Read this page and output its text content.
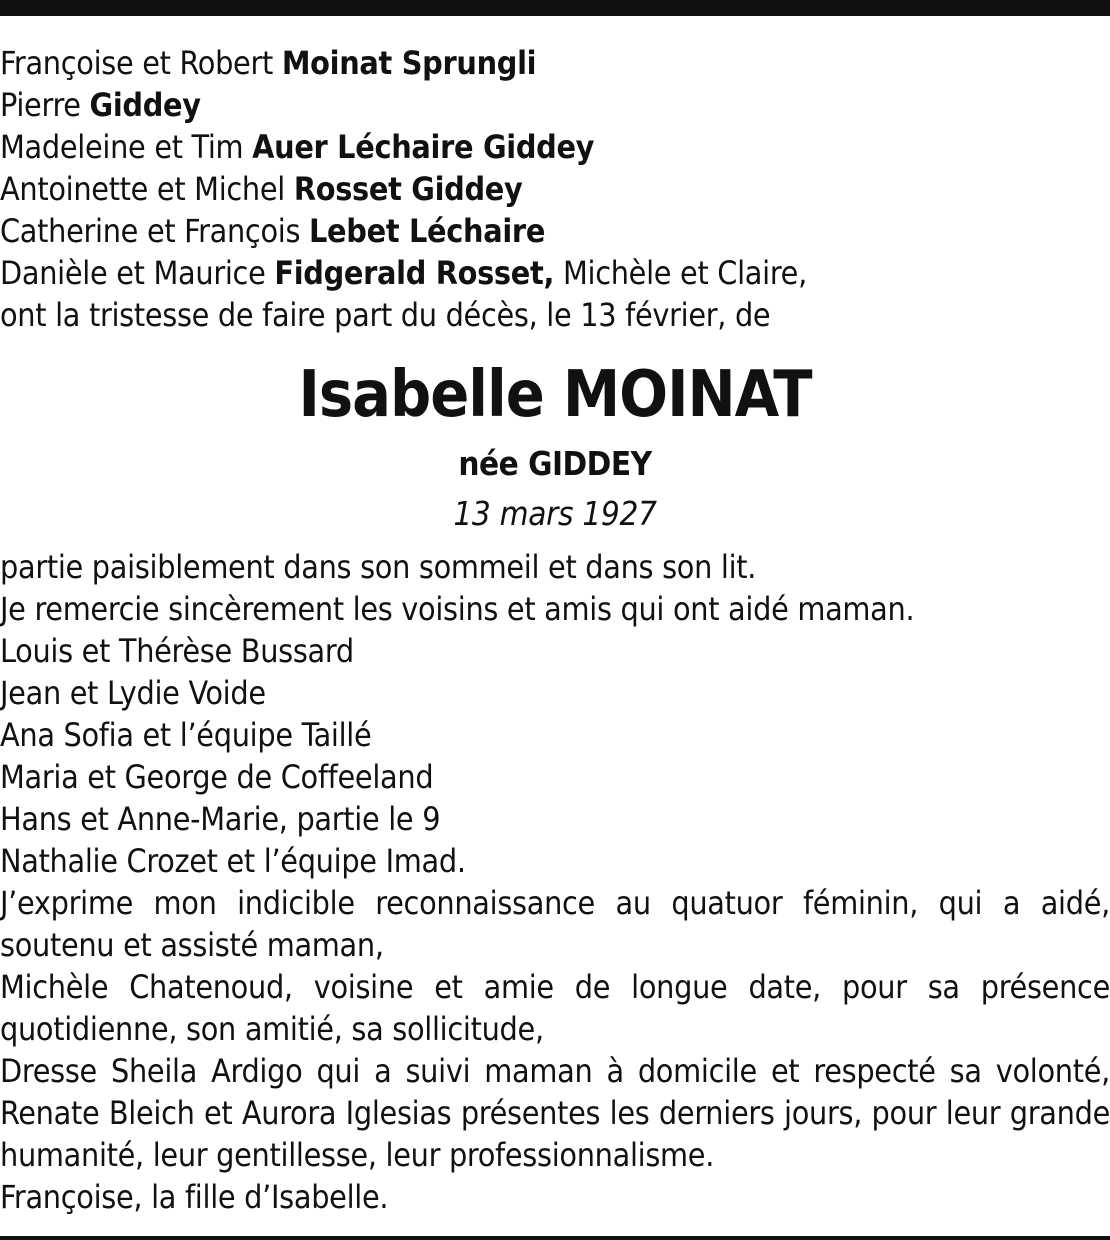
Françoise et Robert Moinat Sprungli
Pierre Giddey
Madeleine et Tim Auer Léchaire Giddey
Antoinette et Michel Rosset Giddey
Catherine et François Lebet Léchaire
Danièle et Maurice Fidgerald Rosset, Michèle et Claire,
ont la tristesse de faire part du décès, le 13 février, de
Isabelle MOINAT
née GIDDEY
13 mars 1927
partie paisiblement dans son sommeil et dans son lit.
Je remercie sincèrement les voisins et amis qui ont aidé maman.
Louis et Thérèse Bussard
Jean et Lydie Voide
Ana Sofia et l’équipe Taillé
Maria et George de Coffeeland
Hans et Anne-Marie, partie le 9
Nathalie Crozet et l’équipe Imad.
J’exprime mon indicible reconnaissance au quatuor féminin, qui a aidé,
soutenu et assisté maman,
Michèle Chatenoud, voisine et amie de longue date, pour sa présence
quotidienne, son amitié, sa sollicitude,
Dresse Sheila Ardigo qui a suivi maman à domicile et respecté sa volonté,
Renate Bleich et Aurora Iglesias présentes les derniers jours, pour leur grande
humanité, leur gentillesse, leur professionnalisme.
Françoise, la fille d’Isabelle.
